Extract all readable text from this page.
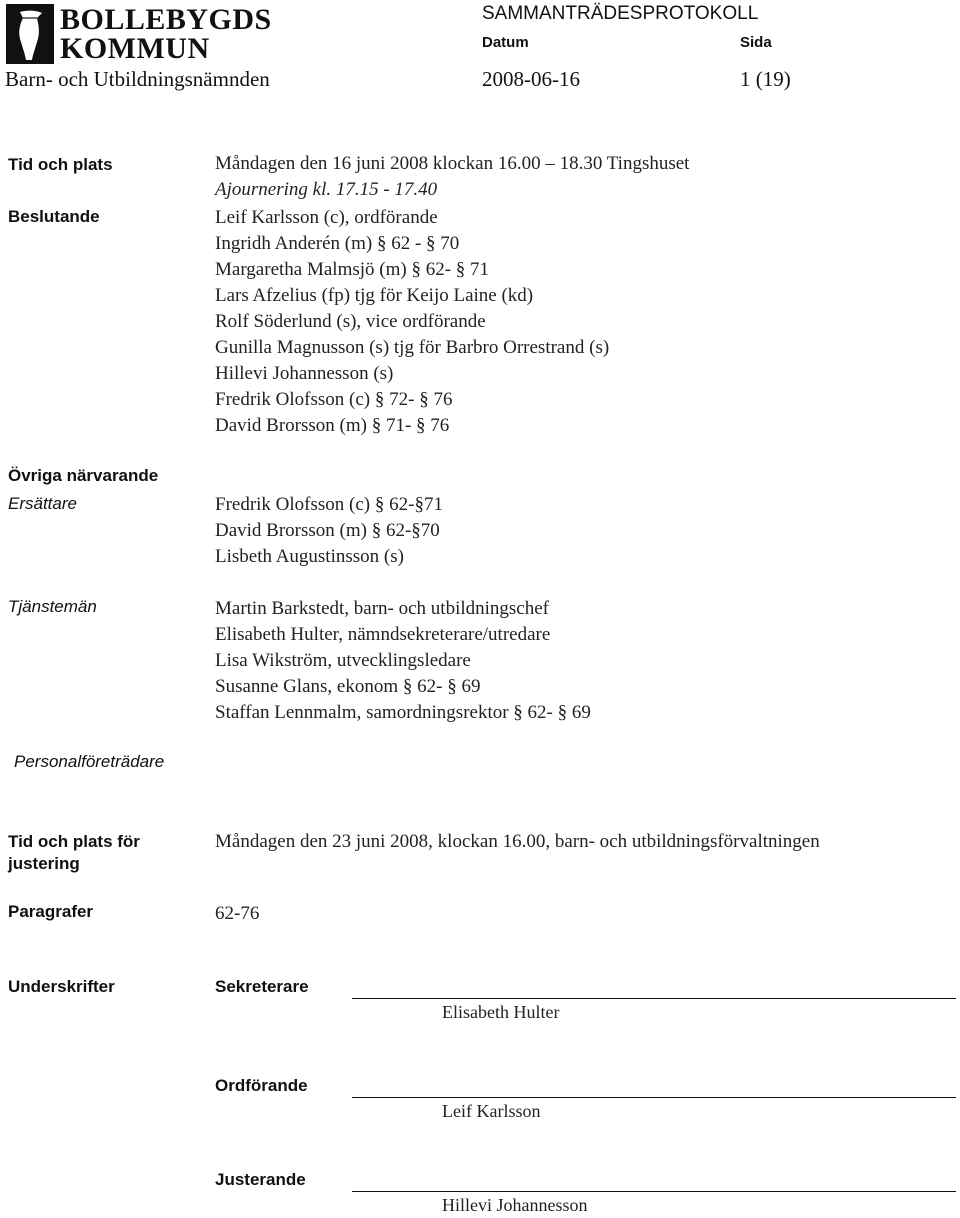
BOLLEBYGDS
KOMMUN
SAMMANTRÄDESPROTOKOLL
Datum	Sida
Barn- och Utbildningsnämnden	2008-06-16	1 (19)
Tid och plats	Måndagen den 16 juni 2008 klockan 16.00 – 18.30 Tingshuset
Ajournering kl. 17.15 - 17.40
Beslutande	Leif Karlsson (c), ordförande
Ingridh Anderén (m) § 62 - § 70
Margaretha Malmsjö (m) § 62- § 71
Lars Afzelius (fp) tjg för Keijo Laine (kd)
Rolf Söderlund (s), vice ordförande
Gunilla Magnusson (s) tjg för Barbro Orrestrand (s)
Hillevi Johannesson (s)
Fredrik Olofsson (c) § 72- § 76
David Brorsson (m) § 71- § 76
Övriga närvarande
Ersättare	Fredrik Olofsson (c) § 62-§71
David Brorsson (m) § 62-§70
Lisbeth Augustinsson (s)
Tjänstemän	Martin Barkstedt, barn- och utbildningschef
Elisabeth Hulter, nämndsekreterare/utredare
Lisa Wikström, utvecklingsledare
Susanne Glans, ekonom § 62- § 69
Staffan Lennmalm, samordningsrektor § 62- § 69
Personalföreträdare
Tid och plats för
justering
Måndagen den 23 juni 2008, klockan 16.00, barn- och utbildningsförvaltningen
Paragrafer	62-76
Underskrifter	Sekreterare
Elisabeth Hulter
Ordförande
Leif Karlsson
Justerande
Hillevi Johannesson
